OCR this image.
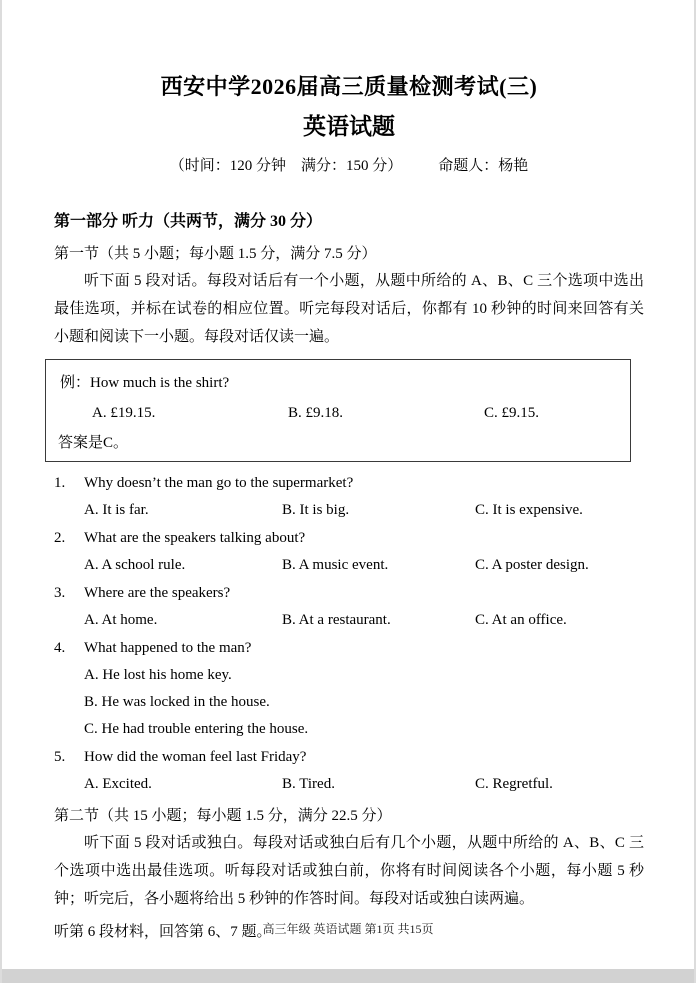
西安中学2026届高三质量检测考试(三)
英语试题
（时间：120 分钟　满分：150 分） 命题人：杨艳
第一部分 听力（共两节，满分 30 分）
第一节（共 5 小题；每小题 1.5 分，满分 7.5 分）

听下面 5 段对话。每段对话后有一个小题，从题中所给的 A、B、C 三个选项中选出最佳选项，并标在试卷的相应位置。听完每段对话后，你都有 10 秒钟的时间来回答有关小题和阅读下一小题。每段对话仅读一遍。

例：How much is the shirt?
A. £19.15.	B. £9.18.	C. £9.15.
答案是C。
1.	Why doesn’t the man go to the supermarket?
A. It is far.	B. It is big.	C. It is expensive.
2.	What are the speakers talking about?
A. A school rule.	B. A music event.	C. A poster design.
3.	Where are the speakers?
A. At home.	B. At a restaurant.	C. At an office.
4.	What happened to the man?
A. He lost his home key.
B. He was locked in the house.
C. He had trouble entering the house.
5.	How did the woman feel last Friday?
A. Excited.	B. Tired.	C. Regretful.
第二节（共 15 小题；每小题 1.5 分，满分 22.5 分）

听下面 5 段对话或独白。每段对话或独白后有几个小题，从题中所给的 A、B、C 三个选项中选出最佳选项。听每段对话或独白前，你将有时间阅读各个小题，每小题 5 秒钟；听完后，各小题将给出 5 秒钟的作答时间。每段对话或独白读两遍。

听第 6 段材料，回答第 6、7 题。

高三年级 英语试题 第1页 共15页
